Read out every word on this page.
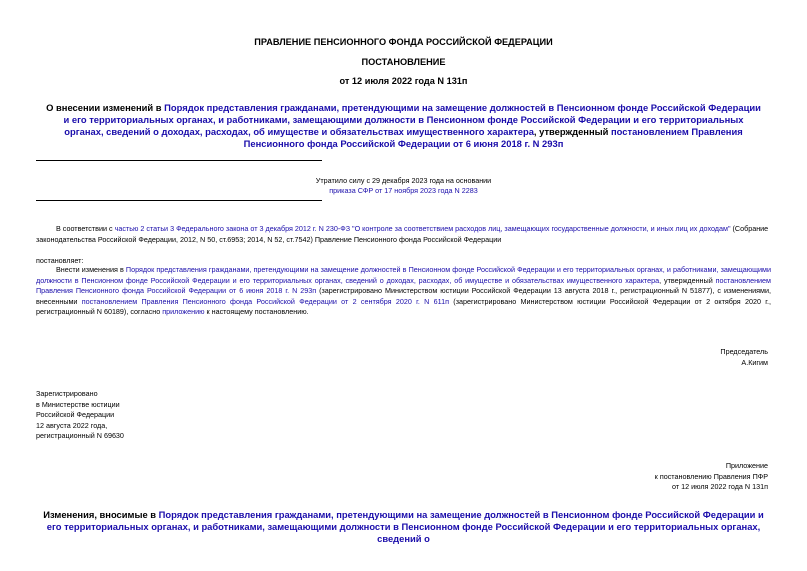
ПРАВЛЕНИЕ ПЕНСИОННОГО ФОНДА РОССИЙСКОЙ ФЕДЕРАЦИИ
ПОСТАНОВЛЕНИЕ
от 12 июля 2022 года N 131п
О внесении изменений в Порядок представления гражданами, претендующими на замещение должностей в Пенсионном фонде Российской Федерации и его территориальных органах, и работниками, замещающими должности в Пенсионном фонде Российской Федерации и его территориальных органах, сведений о доходах, расходах, об имуществе и обязательствах имущественного характера, утвержденный постановлением Правления Пенсионного фонда Российской Федерации от 6 июня 2018 г. N 293п
Утратило силу с 29 декабря 2023 года на основании
приказа СФР от 17 ноября 2023 года N 2283
В соответствии с частью 2 статьи 3 Федерального закона от 3 декабря 2012 г. N 230-ФЗ "О контроле за соответствием расходов лиц, замещающих государственные должности, и иных лиц их доходам" (Собрание законодательства Российской Федерации, 2012, N 50, ст.6953; 2014, N 52, ст.7542) Правление Пенсионного фонда Российской Федерации
постановляет:
Внести изменения в Порядок представления гражданами, претендующими на замещение должностей в Пенсионном фонде Российской Федерации и его территориальных органах, и работниками, замещающими должности в Пенсионном фонде Российской Федерации и его территориальных органах, сведений о доходах, расходах, об имуществе и обязательствах имущественного характера, утвержденный постановлением Правления Пенсионного фонда Российской Федерации от 6 июня 2018 г. N 293п (зарегистрировано Министерством юстиции Российской Федерации 13 августа 2018 г., регистрационный N 51877), с изменениями, внесенными постановлением Правления Пенсионного фонда Российской Федерации от 2 сентября 2020 г. N 611п (зарегистрировано Министерством юстиции Российской Федерации от 2 октября 2020 г., регистрационный N 60189), согласно приложению к настоящему постановлению.
Председатель
А.Кигим
Зарегистрировано
в Министерстве юстиции
Российской Федерации
12 августа 2022 года,
регистрационный N 69630
Приложение
к постановлению Правления ПФР
от 12 июля 2022 года N 131п
Изменения, вносимые в Порядок представления гражданами, претендующими на замещение должностей в Пенсионном фонде Российской Федерации и его территориальных органах, и работниками, замещающими должности в Пенсионном фонде Российской Федерации и его территориальных органах, сведений о
